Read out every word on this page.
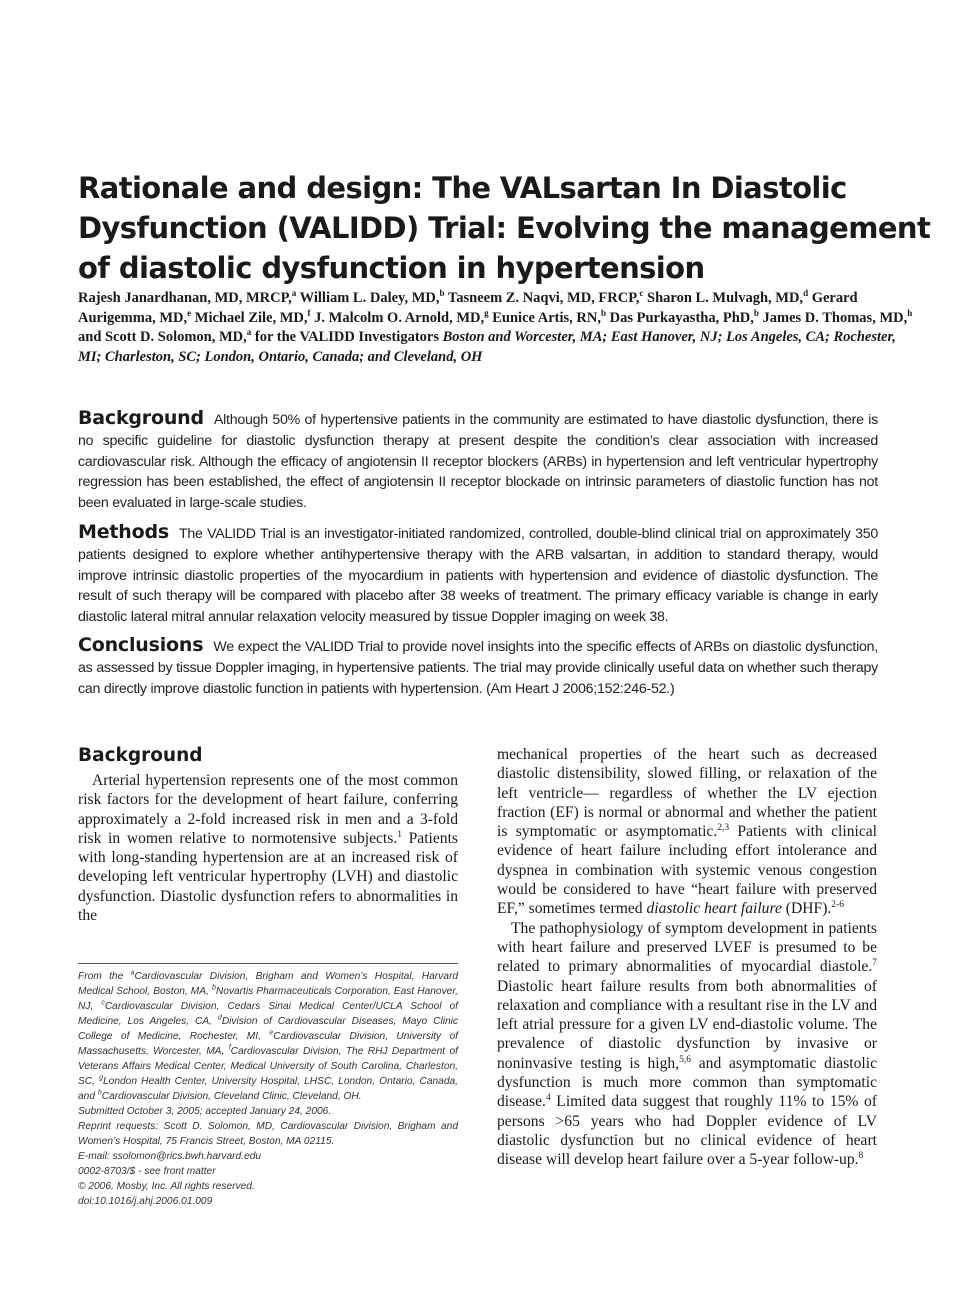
Rationale and design: The VALsartan In Diastolic
Dysfunction (VALIDD) Trial: Evolving the management
of diastolic dysfunction in hypertension
Rajesh Janardhanan, MD, MRCP,$^a$ William L. Daley, MD,$^b$ Tasneem Z. Naqvi, MD, FRCP,$^c$ Sharon L. Mulvagh, MD,$^d$ Gerard Aurigemma, MD,$^e$ Michael Zile, MD,$^f$ J. Malcolm O. Arnold, MD,$^g$ Eunice Artis, RN,$^b$ Das Purkayastha, PhD,$^b$ James D. Thomas, MD,$^h$ and Scott D. Solomon, MD,$^a$ for the VALIDD Investigators Boston and Worcester, MA; East Hanover, NJ; Los Angeles, CA; Rochester, MI; Charleston, SC; London, Ontario, Canada; and Cleveland, OH
Background Although 50% of hypertensive patients in the community are estimated to have diastolic dysfunction, there is no specific guideline for diastolic dysfunction therapy at present despite the condition’s clear association with increased cardiovascular risk. Although the efficacy of angiotensin II receptor blockers (ARBs) in hypertension and left ventricular hypertrophy regression has been established, the effect of angiotensin II receptor blockade on intrinsic parameters of diastolic function has not been evaluated in large-scale studies.
Methods The VALIDD Trial is an investigator-initiated randomized, controlled, double-blind clinical trial on approximately 350 patients designed to explore whether antihypertensive therapy with the ARB valsartan, in addition to standard therapy, would improve intrinsic diastolic properties of the myocardium in patients with hypertension and evidence of diastolic dysfunction. The result of such therapy will be compared with placebo after 38 weeks of treatment. The primary efficacy variable is change in early diastolic lateral mitral annular relaxation velocity measured by tissue Doppler imaging on week 38.
Conclusions We expect the VALIDD Trial to provide novel insights into the specific effects of ARBs on diastolic dysfunction, as assessed by tissue Doppler imaging, in hypertensive patients. The trial may provide clinically useful data on whether such therapy can directly improve diastolic function in patients with hypertension. (Am Heart J 2006;152:246-52.)
Background

Arterial hypertension represents one of the most common risk factors for the development of heart failure, conferring approximately a 2-fold increased risk in men and a 3-fold risk in women relative to normotensive subjects.$^1$ Patients with long-standing hypertension are at an increased risk of developing left ventricular hypertrophy (LVH) and diastolic dysfunction. Diastolic dysfunction refers to abnormalities in the

mechanical properties of the heart such as decreased diastolic distensibility, slowed filling, or relaxation of the left ventricle— regardless of whether the LV ejection fraction (EF) is normal or abnormal and whether the patient is symptomatic or asymptomatic.$^{2,3}$ Patients with clinical evidence of heart failure including effort intolerance and dyspnea in combination with systemic venous congestion would be considered to have “heart failure with preserved EF,” sometimes termed diastolic heart failure (DHF).$^{2-6}$

The pathophysiology of symptom development in patients with heart failure and preserved LVEF is presumed to be related to primary abnormalities of myocardial diastole.$^7$ Diastolic heart failure results from both abnormalities of relaxation and compliance with a resultant rise in the LV and left atrial pressure for a given LV end-diastolic volume. The prevalence of diastolic dysfunction by invasive or noninvasive testing is high,$^{5,6}$ and asymptomatic diastolic dysfunction is much more common than symptomatic disease.$^4$ Limited data suggest that roughly 11% to 15% of persons >65 years who had Doppler evidence of LV diastolic dysfunction but no clinical evidence of heart disease will develop heart failure over a 5-year follow-up.$^8$

From the $^a$Cardiovascular Division, Brigham and Women’s Hospital, Harvard Medical School, Boston, MA, $^b$Novartis Pharmaceuticals Corporation, East Hanover, NJ, $^c$Cardiovascular Division, Cedars Sinai Medical Center/UCLA School of Medicine, Los Angeles, CA, $^d$Division of Cardiovascular Diseases, Mayo Clinic College of Medicine, Rochester, MI, $^e$Cardiovascular Division, University of Massachusetts, Worcester, MA, $^f$Cardiovascular Division, The RHJ Department of Veterans Affairs Medical Center, Medical University of South Carolina, Charleston, SC, $^g$London Health Center, University Hospital, LHSC, London, Ontario, Canada, and $^h$Cardiovascular Division, Cleveland Clinic, Cleveland, OH.
Submitted October 3, 2005; accepted January 24, 2006.
Reprint requests: Scott D. Solomon, MD, Cardiovascular Division, Brigham and Women’s Hospital, 75 Francis Street, Boston, MA 02115.
E-mail: ssolomon@rics.bwh.harvard.edu
0002-8703/$ - see front matter
© 2006, Mosby, Inc. All rights reserved.
doi:10.1016/j.ahj.2006.01.009
